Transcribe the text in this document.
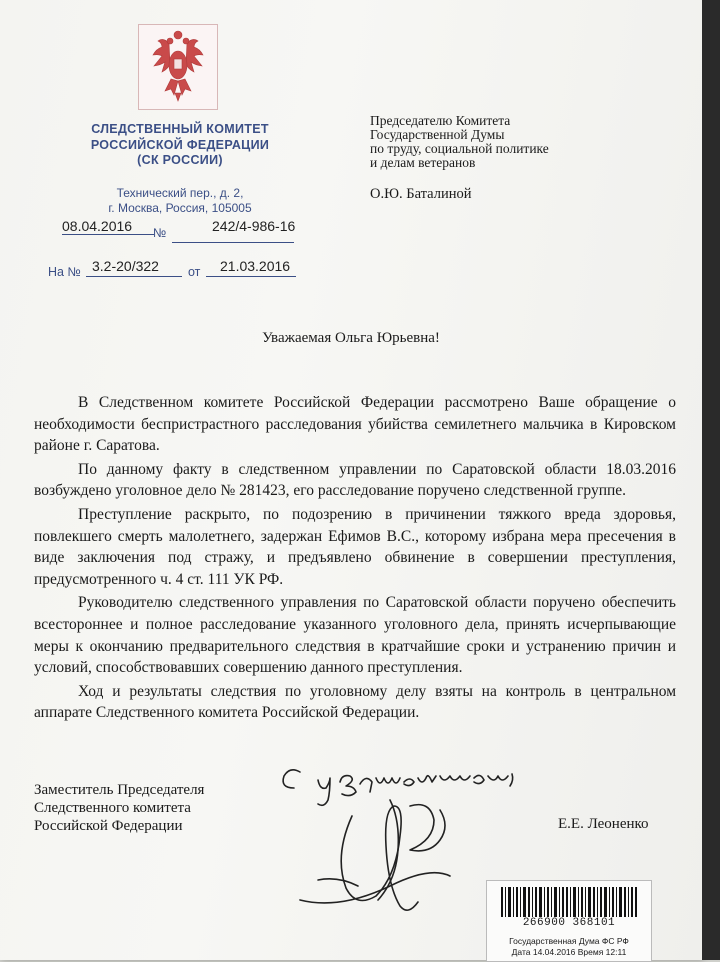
СЛЕДСТВЕННЫЙ КОМИТЕТ
РОССИЙСКОЙ ФЕДЕРАЦИИ
(СК РОССИИ)
Технический пер., д. 2,
г. Москва, Россия, 105005
08.04.2016 №	242/4-986-16
На № 3.2-20/322 от 21.03.2016
Председателю Комитета
Государственной Думы
по труду, социальной политике
и делам ветеранов
О.Ю. Баталиной
Уважаемая Ольга Юрьевна!

В Следственном комитете Российской Федерации рассмотрено Ваше обращение о необходимости беспристрастного расследования убийства семилетнего мальчика в Кировском районе г. Саратова.

По данному факту в следственном управлении по Саратовской области 18.03.2016 возбуждено уголовное дело № 281423, его расследование поручено следственной группе.

Преступление раскрыто, по подозрению в причинении тяжкого вреда здоровья, повлекшего смерть малолетнего, задержан Ефимов В.С., которому избрана мера пресечения в виде заключения под стражу, и предъявлено обвинение в совершении преступления, предусмотренного ч. 4 ст. 111 УК РФ.

Руководителю следственного управления по Саратовской области поручено обеспечить всестороннее и полное расследование указанного уголовного дела, принять исчерпывающие меры к окончанию предварительного следствия в кратчайшие сроки и устранению причин и условий, способствовавших совершению данного преступления.

Ход и результаты следствия по уголовному делу взяты на контроль в центральном аппарате Следственного комитета Российской Федерации.

Заместитель Председателя
Следственного комитета
Российской Федерации	Е.Е. Леоненко
266900 368101
Государственная Дума ФС РФ
Дата 14.04.2016 Время 12:11
